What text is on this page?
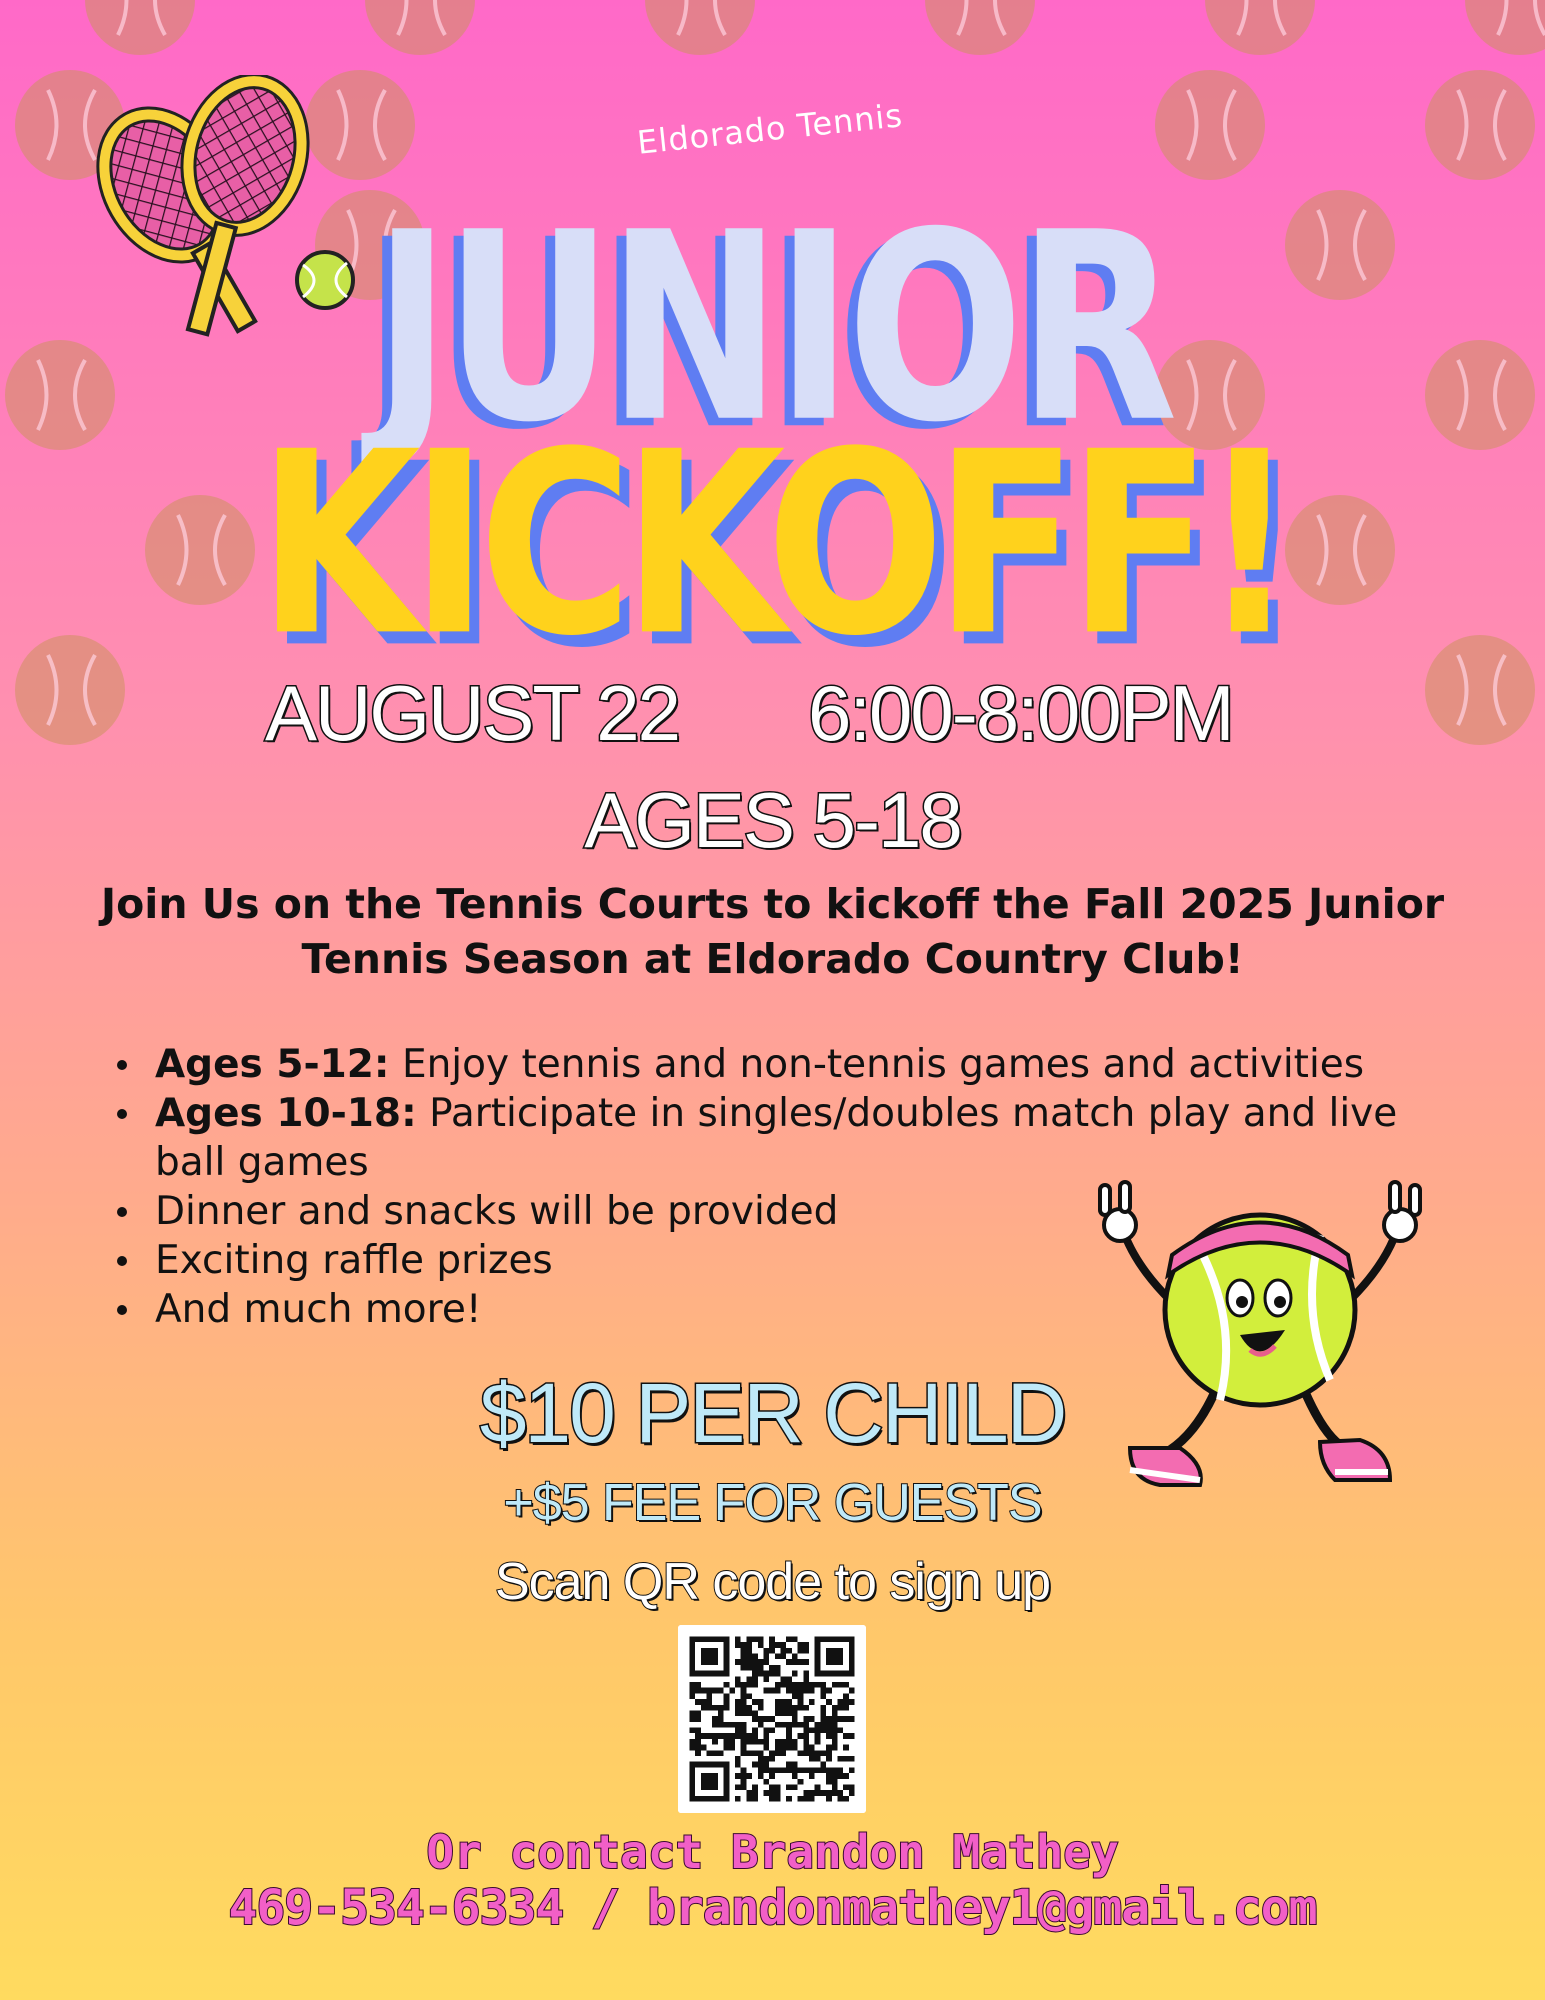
Eldorado Tennis
JUNIOR
KICKOFF!
AUGUST 22 6:00-8:00PM
AGES 5-18

Join Us on the Tennis Courts to kickoff the Fall 2025 Junior Tennis Season at Eldorado Country Club!

Ages 5-12: Enjoy tennis and non-tennis games and activities
Ages 10-18: Participate in singles/doubles match play and live ball games
Dinner and snacks will be provided
Exciting raffle prizes
And much more!
$10 PER CHILD
+$5 FEE FOR GUESTS
Scan QR code to sign up
Or contact Brandon Mathey
469-534-6334 / brandonmathey1@gmail.com
